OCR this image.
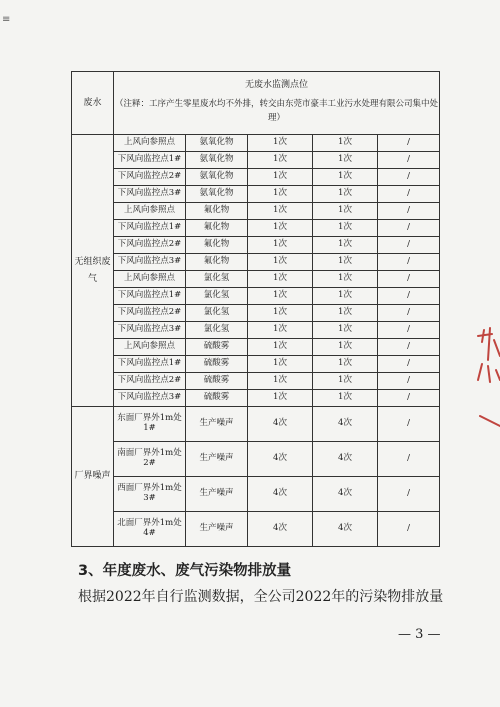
≡
废水	无废水监测点位
（注释：工序产生零星废水均不外排，转交由东莞市豪丰工业污水处理有限公司集中处理）				

无组织废气	上风向参照点	氨氧化物	1次	1次	/
	下风向监控点1#	氨氧化物	1次	1次	/
	下风向监控点2#	氨氧化物	1次	1次	/
	下风向监控点3#	氨氧化物	1次	1次	/
	上风向参照点	氟化物	1次	1次	/
	下风向监控点1#	氟化物	1次	1次	/
	下风向监控点2#	氟化物	1次	1次	/
	下风向监控点3#	氟化物	1次	1次	/
	上风向参照点	氯化氢	1次	1次	/
	下风向监控点1#	氯化氢	1次	1次	/
	下风向监控点2#	氯化氢	1次	1次	/
	下风向监控点3#	氯化氢	1次	1次	/
	上风向参照点	硫酸雾	1次	1次	/
	下风向监控点1#	硫酸雾	1次	1次	/
	下风向监控点2#	硫酸雾	1次	1次	/
	下风向监控点3#	硫酸雾	1次	1次	/
厂界噪声	东面厂界外1m处1#	生产噪声	4次	4次	/
	南面厂界外1m处2#	生产噪声	4次	4次	/
	西面厂界外1m处3#	生产噪声	4次	4次	/
	北面厂界外1m处4#	生产噪声	4次	4次	/
3、年度废水、废气污染物排放量
根据2022年自行监测数据，全公司2022年的污染物排放量
— 3 —
